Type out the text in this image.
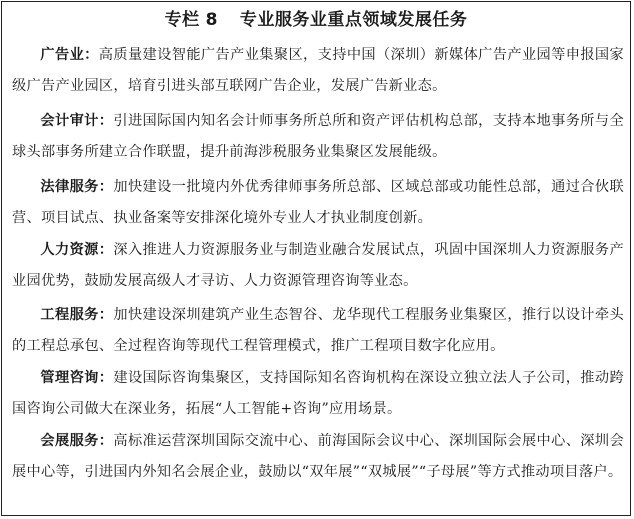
专栏 8 专业服务业重点领域发展任务
广告业：高质量建设智能广告产业集聚区，支持中国（深圳）新媒体广告产业园等申报国家级广告产业园区，培育引进头部互联网广告企业，发展广告新业态。
会计审计：引进国际国内知名会计师事务所总所和资产评估机构总部，支持本地事务所与全球头部事务所建立合作联盟，提升前海涉税服务业集聚区发展能级。
法律服务：加快建设一批境内外优秀律师事务所总部、区域总部或功能性总部，通过合伙联营、项目试点、执业备案等安排深化境外专业人才执业制度创新。
人力资源：深入推进人力资源服务业与制造业融合发展试点，巩固中国深圳人力资源服务产业园优势，鼓励发展高级人才寻访、人力资源管理咨询等业态。
工程服务：加快建设深圳建筑产业生态智谷、龙华现代工程服务业集聚区，推行以设计牵头的工程总承包、全过程咨询等现代工程管理模式，推广工程项目数字化应用。
管理咨询：建设国际咨询集聚区，支持国际知名咨询机构在深设立独立法人子公司，推动跨国咨询公司做大在深业务，拓展“人工智能+咨询”应用场景。
会展服务：高标准运营深圳国际交流中心、前海国际会议中心、深圳国际会展中心、深圳会展中心等，引进国内外知名会展企业，鼓励以“双年展”“双城展”“子母展”等方式推动项目落户。
